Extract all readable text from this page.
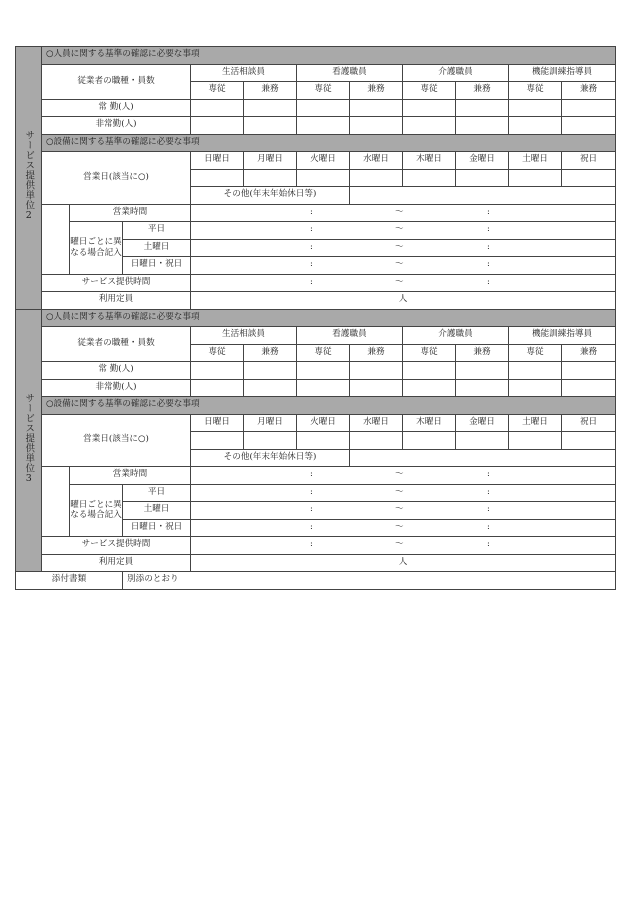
サービス提供単位2	○人員に関する基準の確認に必要な事項										
	従業者の職種・員数			生活相談員		看護職員		介護職員		機能訓練指導員	
				専従	兼務	専従	兼務	専従	兼務	専従	兼務
	常 勤(人)										
	非常勤(人)										
	○設備に関する基準の確認に必要な事項										
	営業日(該当に○)			日曜日	月曜日	火曜日	水曜日	木曜日	金曜日	土曜日	祝日

				その他(年末年始休日等)							
		営業時間		: 〜 :							

		曜日ごとに異なる場合記入	平日	: 〜 :							

			土曜日	: 〜 :							

			日曜日・祝日	: 〜 :							

	サービス提供時間			: 〜 :							

	利用定員			人							
サービス提供単位3	○人員に関する基準の確認に必要な事項										
	従業者の職種・員数			生活相談員		看護職員		介護職員		機能訓練指導員	
				専従	兼務	専従	兼務	専従	兼務	専従	兼務
	常 勤(人)										
	非常勤(人)										
	○設備に関する基準の確認に必要な事項										
	営業日(該当に○)			日曜日	月曜日	火曜日	水曜日	木曜日	金曜日	土曜日	祝日

				その他(年末年始休日等)							
		営業時間		: 〜 :							

		曜日ごとに異なる場合記入	平日	: 〜 :							

			土曜日	: 〜 :							

			日曜日・祝日	: 〜 :							

	サービス提供時間			: 〜 :							

	利用定員			人							
添付書類			別添のとおり								
